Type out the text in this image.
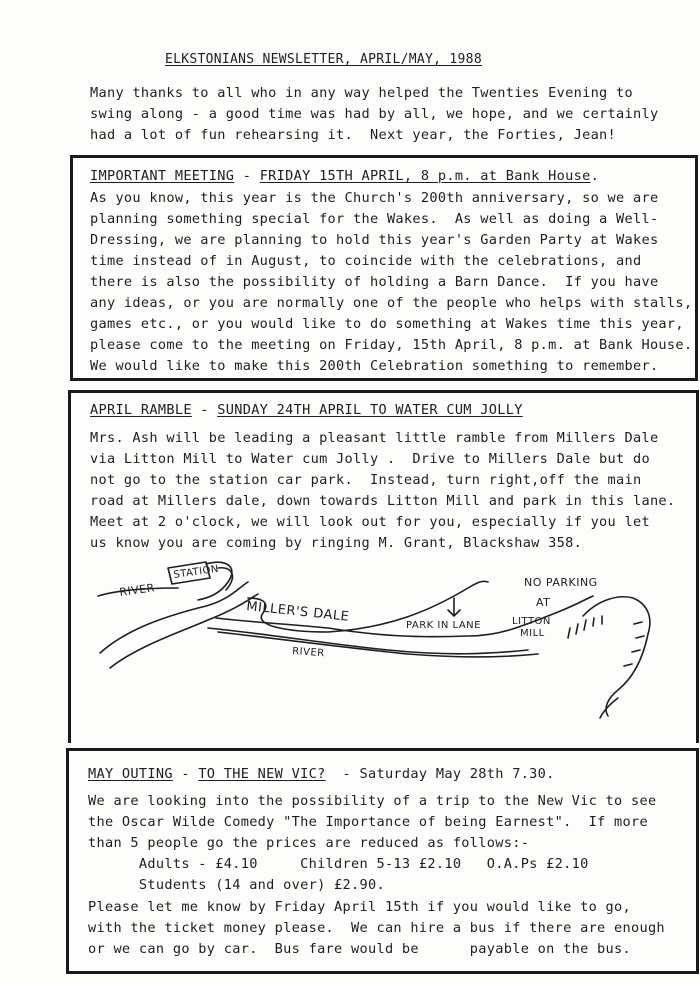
ELKSTONIANS NEWSLETTER, APRIL/MAY, 1988
Many thanks to all who in any way helped the Twenties Evening to
swing along - a good time was had by all, we hope, and we certainly
had a lot of fun rehearsing it.  Next year, the Forties, Jean!
IMPORTANT MEETING - FRIDAY 15TH APRIL, 8 p.m. at Bank House.
As you know, this year is the Church's 200th anniversary, so we are
planning something special for the Wakes.  As well as doing a Well-
Dressing, we are planning to hold this year's Garden Party at Wakes
time instead of in August, to coincide with the celebrations, and
there is also the possibility of holding a Barn Dance.  If you have
any ideas, or you are normally one of the people who helps with stalls,
games etc., or you would like to do something at Wakes time this year,
please come to the meeting on Friday, 15th April, 8 p.m. at Bank House.
We would like to make this 200th Celebration something to remember.
APRIL RAMBLE - SUNDAY 24TH APRIL TO WATER CUM JOLLY
Mrs. Ash will be leading a pleasant little ramble from Millers Dale
via Litton Mill to Water cum Jolly .  Drive to Millers Dale but do
not go to the station car park.  Instead, turn right,off the main
road at Millers dale, down towards Litton Mill and park in this lane.
Meet at 2 o'clock, we will look out for you, especially if you let
us know you are coming by ringing M. Grant, Blackshaw 358.
RIVER
STATION
MILLER'S DALE
PARK IN LANE
RIVER
NO PARKING
AT
LITTON
MILL
MAY OUTING - TO THE NEW VIC?  - Saturday May 28th 7.30.
We are looking into the possibility of a trip to the New Vic to see
the Oscar Wilde Comedy "The Importance of being Earnest".  If more
than 5 people go the prices are reduced as follows:-
Adults - £4.10     Children 5-13 £2.10   O.A.Ps £2.10
Students (14 and over) £2.90.
Please let me know by Friday April 15th if you would like to go,
with the ticket money please.  We can hire a bus if there are enough
or we can go by car.  Bus fare would be      payable on the bus.
